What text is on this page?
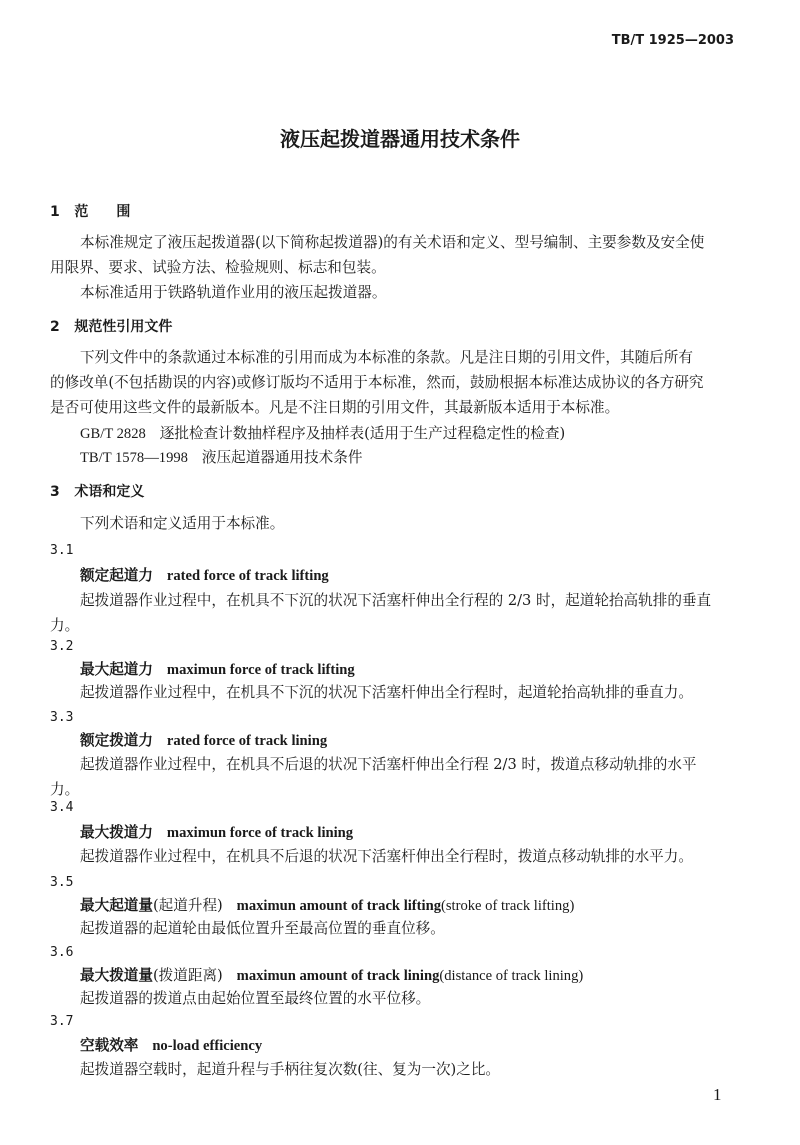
TB/T 1925—2003
液压起拨道器通用技术条件
1 范　　围
本标准规定了液压起拨道器(以下简称起拨道器)的有关术语和定义、型号编制、主要参数及安全使
用限界、要求、试验方法、检验规则、标志和包装。
本标准适用于铁路轨道作业用的液压起拨道器。
2 规范性引用文件
下列文件中的条款通过本标准的引用而成为本标准的条款。凡是注日期的引用文件，其随后所有
的修改单(不包括勘误的内容)或修订版均不适用于本标准，然而，鼓励根据本标准达成协议的各方研究
是否可使用这些文件的最新版本。凡是不注日期的引用文件，其最新版本适用于本标准。
GB/T 2828 逐批检查计数抽样程序及抽样表(适用于生产过程稳定性的检查)
TB/T 1578—1998 液压起道器通用技术条件
3 术语和定义
下列术语和定义适用于本标准。
3.1
额定起道力 rated force of track lifting
起拨道器作业过程中，在机具不下沉的状况下活塞杆伸出全行程的 2/3 时，起道轮抬高轨排的垂直
力。
3.2
最大起道力 maximun force of track lifting
起拨道器作业过程中，在机具不下沉的状况下活塞杆伸出全行程时，起道轮抬高轨排的垂直力。
3.3
额定拨道力 rated force of track lining
起拨道器作业过程中，在机具不后退的状况下活塞杆伸出全行程 2/3 时，拨道点移动轨排的水平
力。
3.4
最大拨道力 maximun force of track lining
起拨道器作业过程中，在机具不后退的状况下活塞杆伸出全行程时，拨道点移动轨排的水平力。
3.5
最大起道量(起道升程) maximun amount of track lifting(stroke of track lifting)
起拨道器的起道轮由最低位置升至最高位置的垂直位移。
3.6
最大拨道量(拨道距离) maximun amount of track lining(distance of track lining)
起拨道器的拨道点由起始位置至最终位置的水平位移。
3.7
空载效率 no-load efficiency
起拨道器空载时，起道升程与手柄往复次数(往、复为一次)之比。
1
